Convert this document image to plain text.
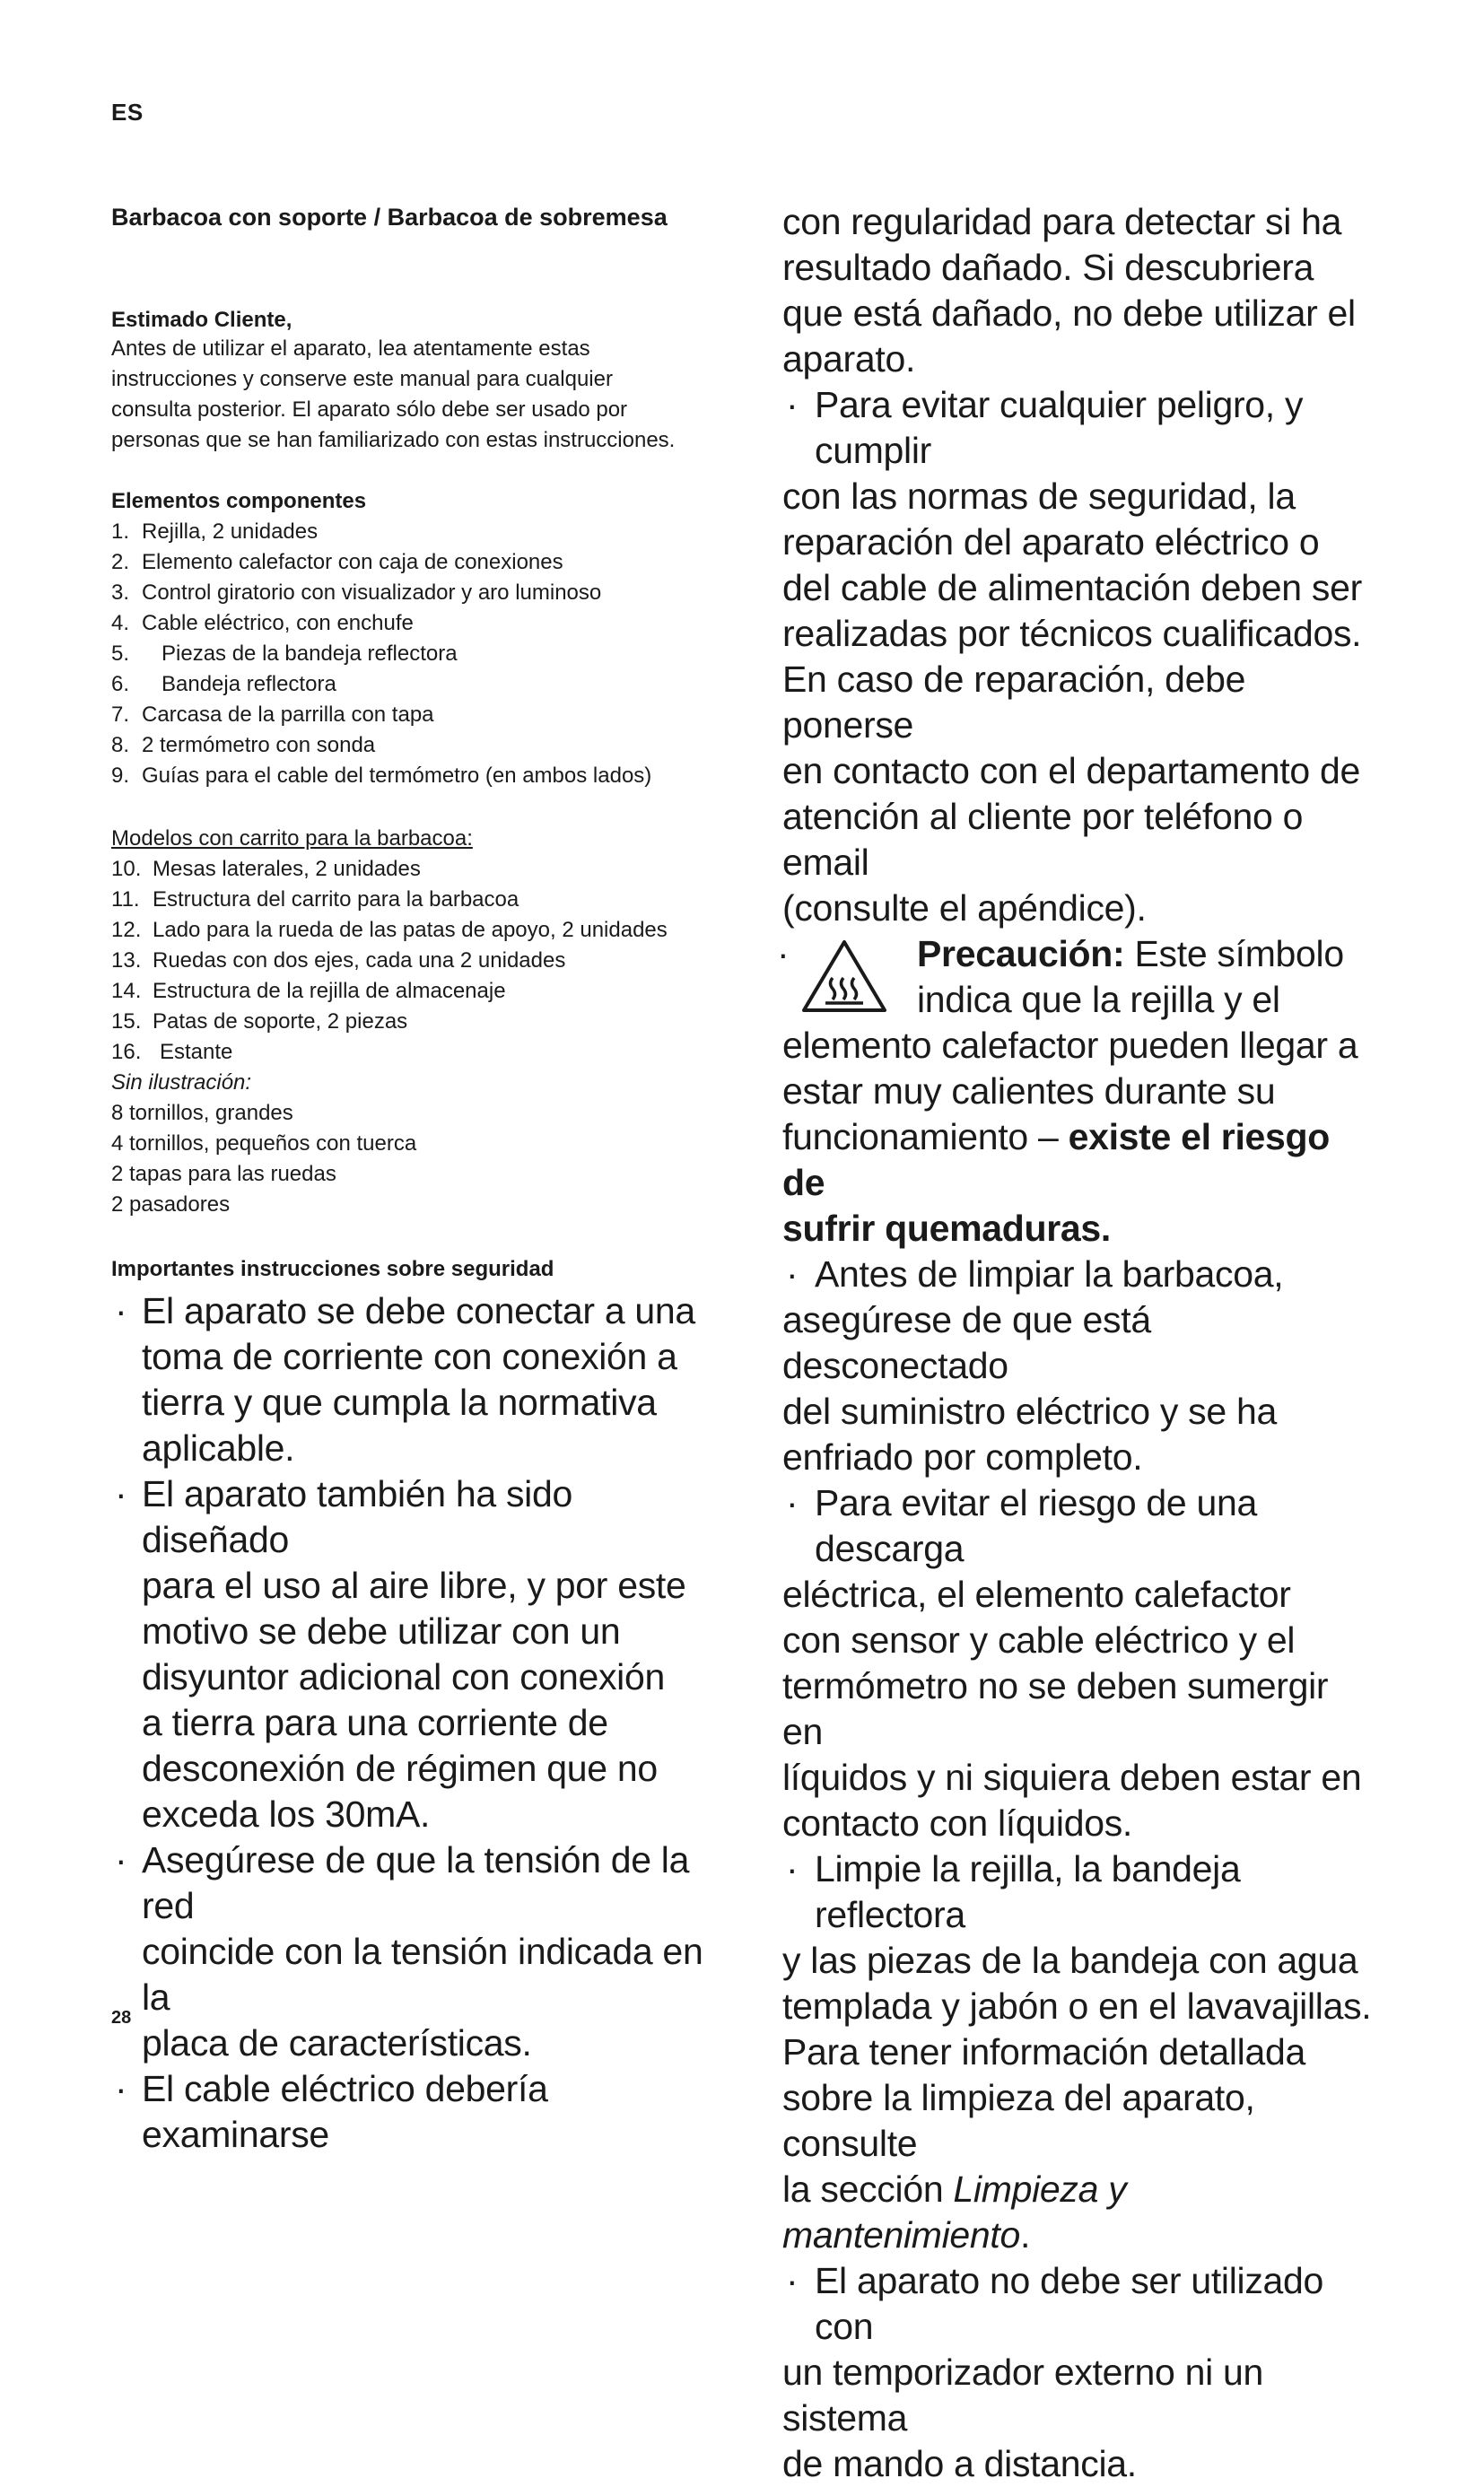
ES
Barbacoa con soporte / Barbacoa de sobremesa
Estimado Cliente,
Antes de utilizar el aparato, lea atentamente estas
instrucciones y conserve este manual para cualquier
consulta posterior. El aparato sólo debe ser usado por
personas que se han familiarizado con estas instrucciones.
Elementos componentes
1. Rejilla, 2 unidades
2. Elemento calefactor con caja de conexiones
3. Control giratorio con visualizador y aro luminoso
4. Cable eléctrico, con enchufe
5.	Piezas de la bandeja reflectora
6.	Bandeja reflectora
7. Carcasa de la parrilla con tapa
8. 2 termómetro con sonda
9. Guías para el cable del termómetro (en ambos lados)
Modelos con carrito para la barbacoa:
10. Mesas laterales, 2 unidades
11. Estructura del carrito para la barbacoa
12. Lado para la rueda de las patas de apoyo, 2 unidades
13. Ruedas con dos ejes, cada una 2 unidades
14. Estructura de la rejilla de almacenaje
15. Patas de soporte, 2 piezas
16. Estante
Sin ilustración:
8 tornillos, grandes
4 tornillos, pequeños con tuerca
2 tapas para las ruedas
2 pasadores
Importantes instrucciones sobre seguridad
· El aparato se debe conectar a una
toma de corriente con conexión a
tierra y que cumpla la normativa
aplicable.
· El aparato también ha sido diseñado
para el uso al aire libre, y por este
motivo se debe utilizar con un
disyuntor adicional con conexión
a tierra para una corriente de
desconexión de régimen que no
exceda los 30mA.
· Asegúrese de que la tensión de la red
coincide con la tensión indicada en la
placa de características.
· El cable eléctrico debería examinarse
con regularidad para detectar si ha
resultado dañado. Si descubriera
que está dañado, no debe utilizar el
aparato.
· Para evitar cualquier peligro, y cumplir
con las normas de seguridad, la
reparación del aparato eléctrico o
del cable de alimentación deben ser
realizadas por técnicos cualificados.
En caso de reparación, debe ponerse
en contacto con el departamento de
atención al cliente por teléfono o email
(consulte el apéndice).
·	Precaución: Este símbolo
indica que la rejilla y el
elemento calefactor pueden llegar a
estar muy calientes durante su
funcionamiento – existe el riesgo de
sufrir quemaduras.
· Antes de limpiar la barbacoa,
asegúrese de que está desconectado
del suministro eléctrico y se ha
enfriado por completo.
· Para evitar el riesgo de una descarga
eléctrica, el elemento calefactor
con sensor y cable eléctrico y el
termómetro no se deben sumergir en
líquidos y ni siquiera deben estar en
contacto con líquidos.
· Limpie la rejilla, la bandeja reflectora
y las piezas de la bandeja con agua
templada y jabón o en el lavavajillas.
Para tener información detallada
sobre la limpieza del aparato, consulte
la sección Limpieza y mantenimiento.
· El aparato no debe ser utilizado con
un temporizador externo ni un sistema
de mando a distancia.
28
